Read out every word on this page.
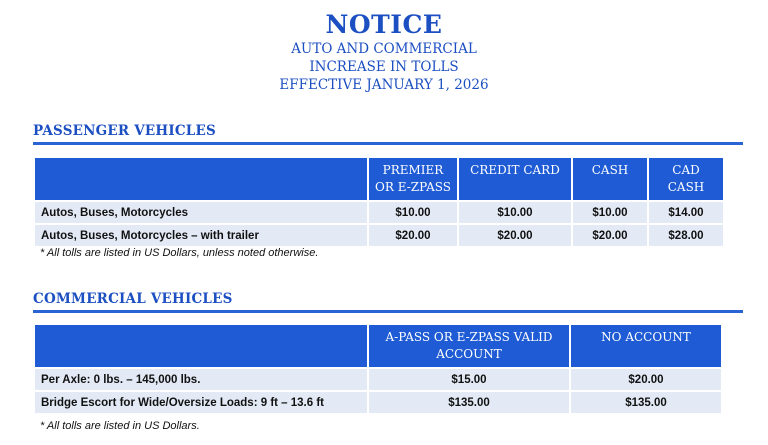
NOTICE
AUTO AND COMMERCIAL
INCREASE IN TOLLS
EFFECTIVE JANUARY 1, 2026
PASSENGER VEHICLES
	PREMIER OR E-ZPASS	CREDIT CARD	CASH	CAD CASH
Autos, Buses, Motorcycles	$10.00	$10.00	$10.00	$14.00
Autos, Buses, Motorcycles – with trailer	$20.00	$20.00	$20.00	$28.00
* All tolls are listed in US Dollars, unless noted otherwise.
COMMERCIAL VEHICLES
	A-PASS OR E-ZPASS VALID ACCOUNT	NO ACCOUNT
Per Axle: 0 lbs. – 145,000 lbs.	$15.00	$20.00
Bridge Escort for Wide/Oversize Loads: 9 ft – 13.6 ft	$135.00	$135.00
* All tolls are listed in US Dollars.
